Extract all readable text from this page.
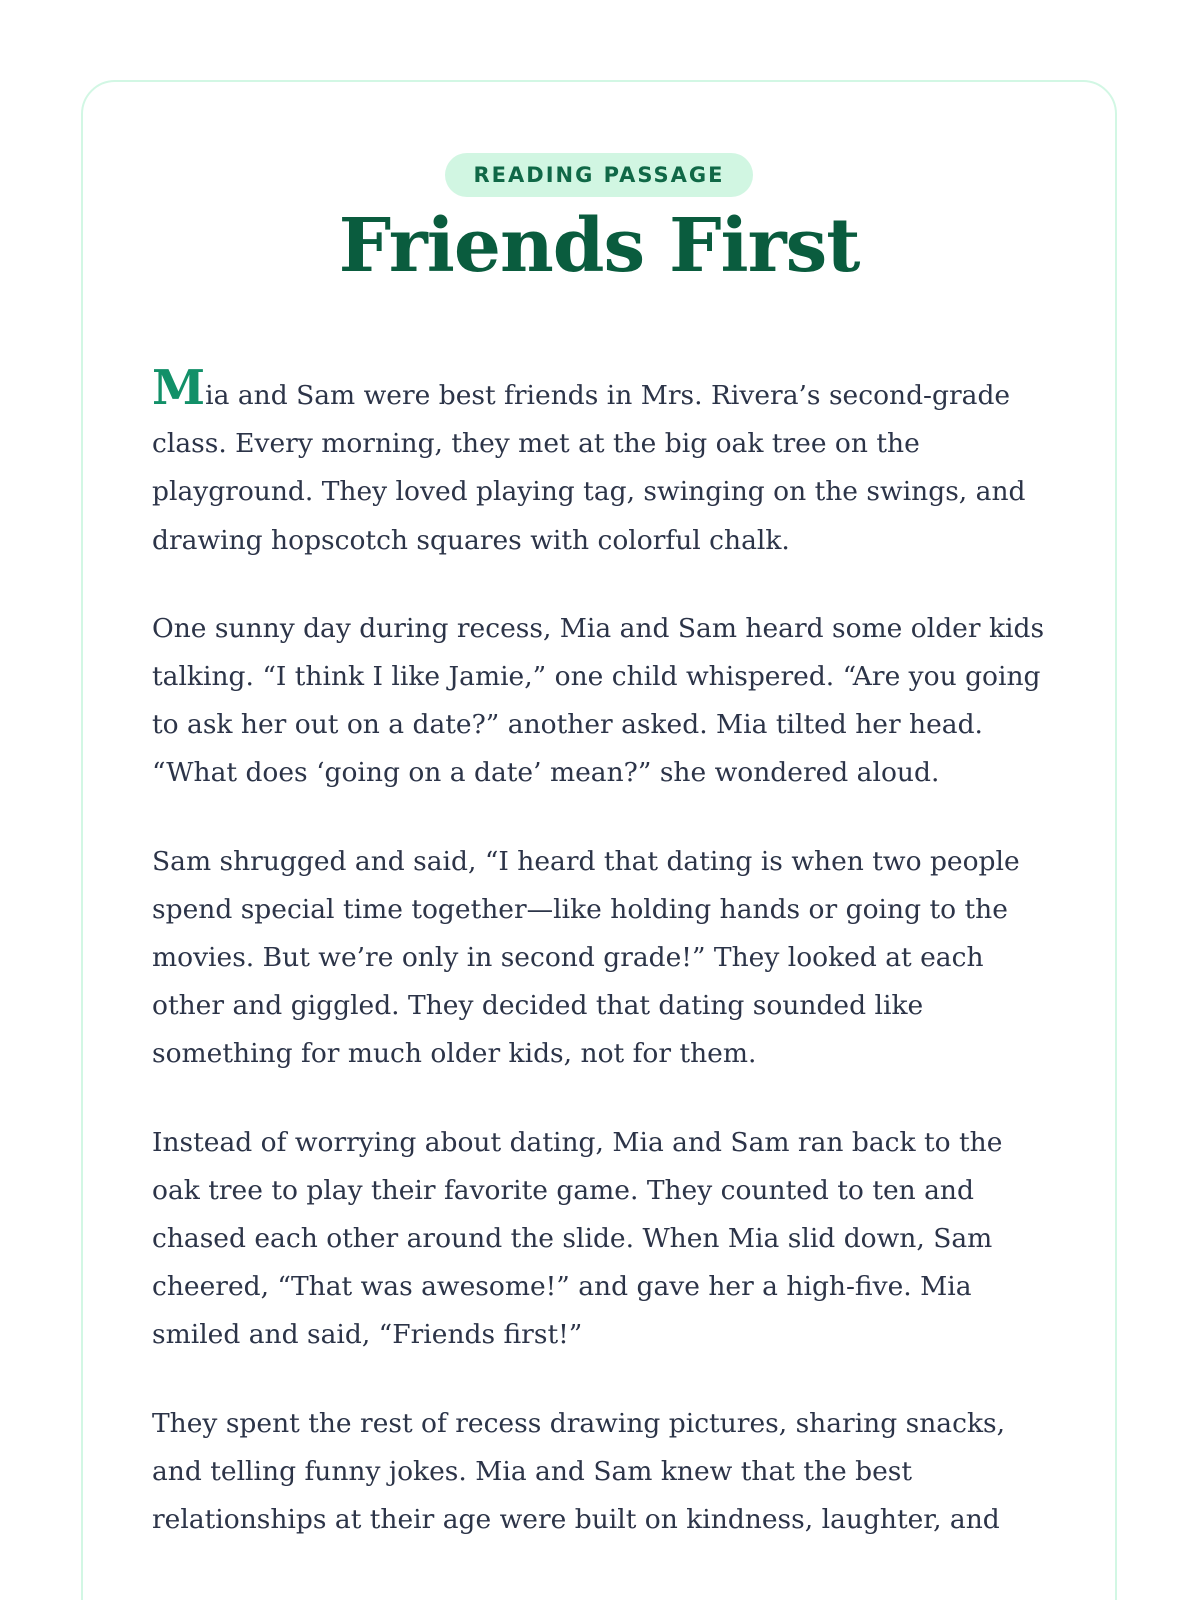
READING PASSAGE
Friends First

Mia and Sam were best friends in Mrs. Rivera’s second-grade class. Every morning, they met at the big oak tree on the playground. They loved playing tag, swinging on the swings, and drawing hopscotch squares with colorful chalk.

One sunny day during recess, Mia and Sam heard some older kids talking. “I think I like Jamie,” one child whispered. “Are you going to ask her out on a date?” another asked. Mia tilted her head. “What does ‘going on a date’ mean?” she wondered aloud.

Sam shrugged and said, “I heard that dating is when two people spend special time together—like holding hands or going to the movies. But we’re only in second grade!” They looked at each other and giggled. They decided that dating sounded like something for much older kids, not for them.

Instead of worrying about dating, Mia and Sam ran back to the oak tree to play their favorite game. They counted to ten and chased each other around the slide. When Mia slid down, Sam cheered, “That was awesome!” and gave her a high-five. Mia smiled and said, “Friends first!”

They spent the rest of recess drawing pictures, sharing snacks, and telling funny jokes. Mia and Sam knew that the best relationships at their age were built on kindness, laughter, and
